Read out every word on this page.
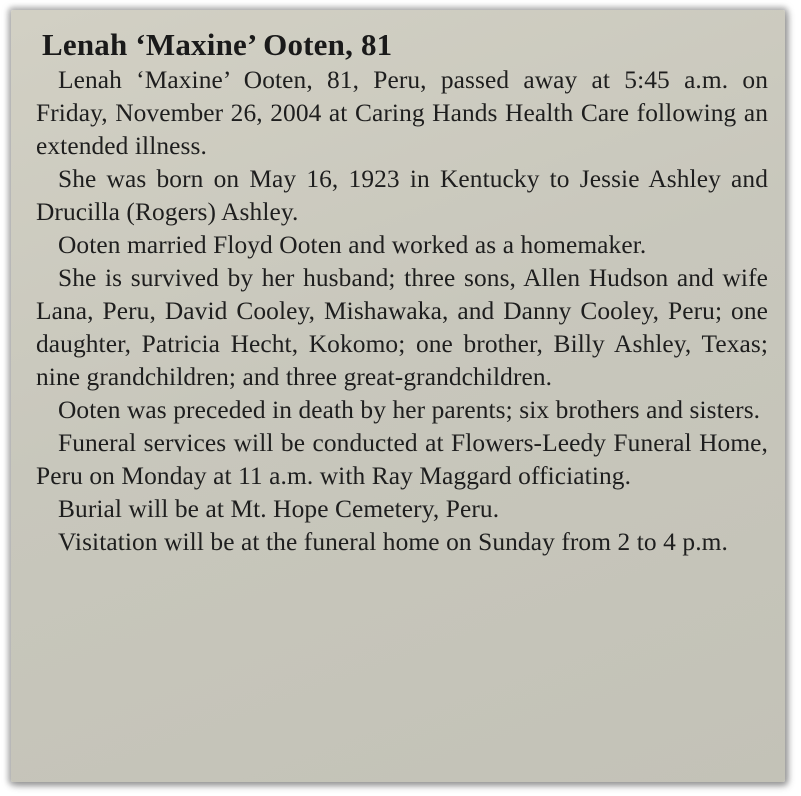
Lenah ‘Maxine’ Ooten, 81

Lenah ‘Maxine’ Ooten, 81, Peru, passed away at 5:45 a.m. on Friday, November 26, 2004 at Caring Hands Health Care following an extended illness.

She was born on May 16, 1923 in Kentucky to Jessie Ashley and Drucilla (Rogers) Ashley.

Ooten married Floyd Ooten and worked as a homemaker.

She is survived by her husband; three sons, Allen Hudson and wife Lana, Peru, David Cooley, Mishawaka, and Danny Cooley, Peru; one daughter, Patricia Hecht, Kokomo; one brother, Billy Ashley, Texas; nine grandchildren; and three great-grandchildren.

Ooten was preceded in death by her parents; six brothers and sisters.

Funeral services will be conducted at Flowers-Leedy Funeral Home, Peru on Monday at 11 a.m. with Ray Maggard officiating.

Burial will be at Mt. Hope Cemetery, Peru.

Visitation will be at the funeral home on Sunday from 2 to 4 p.m.
